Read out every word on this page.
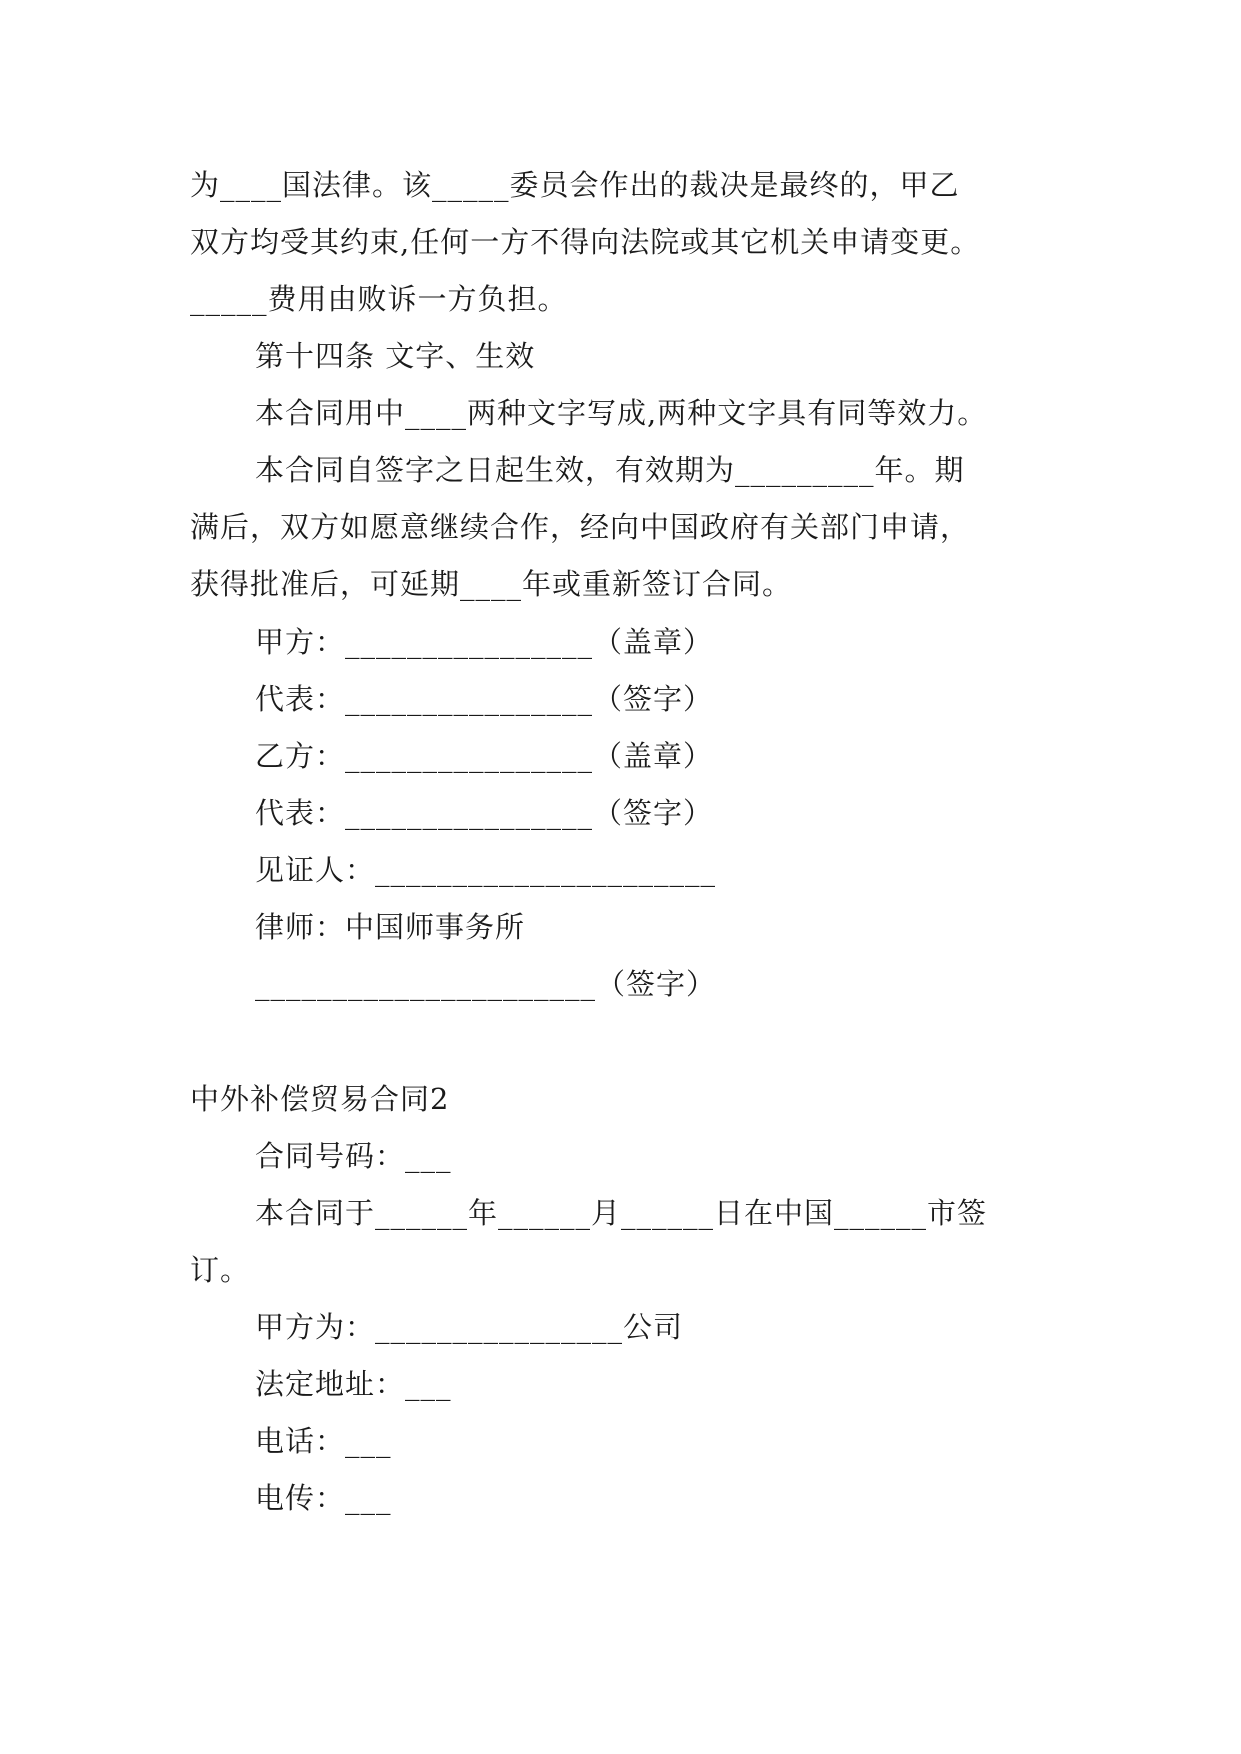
为____国法律。该_____委员会作出的裁决是最终的，甲乙
双方均受其约束,任何一方不得向法院或其它机关申请变更。
_____费用由败诉一方负担。
第十四条 文字、生效
本合同用中____两种文字写成,两种文字具有同等效力。
本合同自签字之日起生效，有效期为_________年。期
满后，双方如愿意继续合作，经向中国政府有关部门申请，
获得批准后，可延期____年或重新签订合同。
甲方：________________（盖章）
代表：________________（签字）
乙方：________________（盖章）
代表：________________（签字）
见证人：______________________
律师：中国师事务所
______________________（签字）
中外补偿贸易合同2
合同号码：___
本合同于______年______月______日在中国______市签
订。
甲方为：________________公司
法定地址：___
电话：___
电传：___
